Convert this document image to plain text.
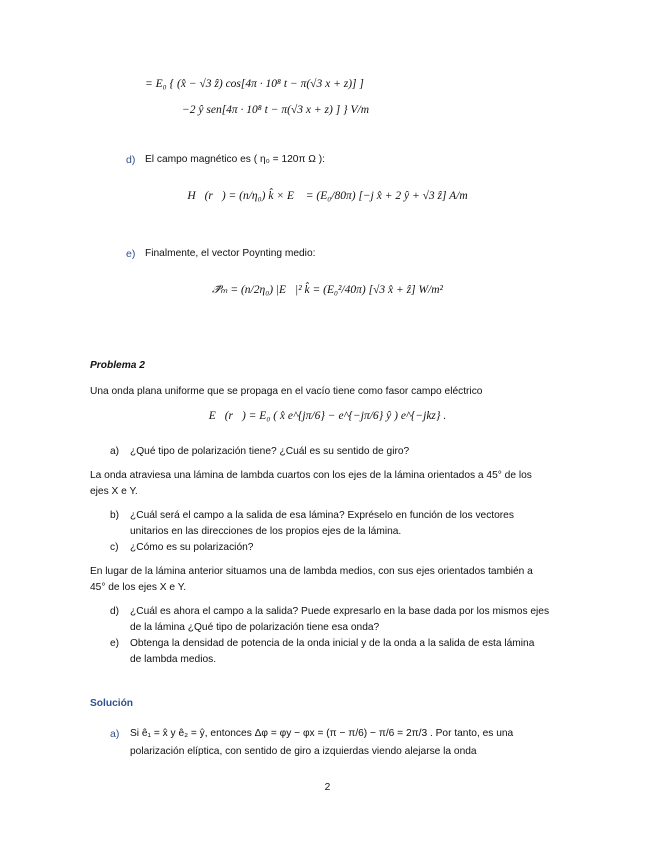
= E₀ { (x̂ − √3 ẑ) cos[4π · 10⁸ t − π(√3 x + z)] ]
−2 ŷ sen[4π · 10⁸ t − π(√3 x + z) ] } V/m
d) El campo magnético es ( η₀ = 120π Ω ):
H⃗(r⃗) = (n/η₀) k̂ × E⃗ = (E₀/80π) [−j x̂ + 2 ŷ + √3 ẑ] A/m
e) Finalmente, el vector Poynting medio:
𝒫⃗ₘ = (n/2η₀) |E⃗|² k̂ = (E₀²/40π) [√3 x̂ + ẑ] W/m²
Problema 2
Una onda plana uniforme que se propaga en el vacío tiene como fasor campo eléctrico
E⃗(r⃗) = E₀ ( x̂ e^{jπ/6} − e^{−jπ/6} ŷ ) e^{−jkz} .
a) ¿Qué tipo de polarización tiene? ¿Cuál es su sentido de giro?
La onda atraviesa una lámina de lambda cuartos con los ejes de la lámina orientados a 45° de los
ejes X e Y.
b) ¿Cuál será el campo a la salida de esa lámina? Expréselo en función de los vectores
unitarios en las direcciones de los propios ejes de la lámina.
c) ¿Cómo es su polarización?
En lugar de la lámina anterior situamos una de lambda medios, con sus ejes orientados también a
45° de los ejes X e Y.
d) ¿Cuál es ahora el campo a la salida? Puede expresarlo en la base dada por los mismos ejes
de la lámina ¿Qué tipo de polarización tiene esa onda?
e) Obtenga la densidad de potencia de la onda inicial y de la onda a la salida de esta lámina
de lambda medios.
Solución
a) Si ê₁ = x̂ y ê₂ = ŷ, entonces Δφ = φy − φx = (π − π/6) − π/6 = 2π/3 . Por tanto, es una
polarización elíptica, con sentido de giro a izquierdas viendo alejarse la onda
2
